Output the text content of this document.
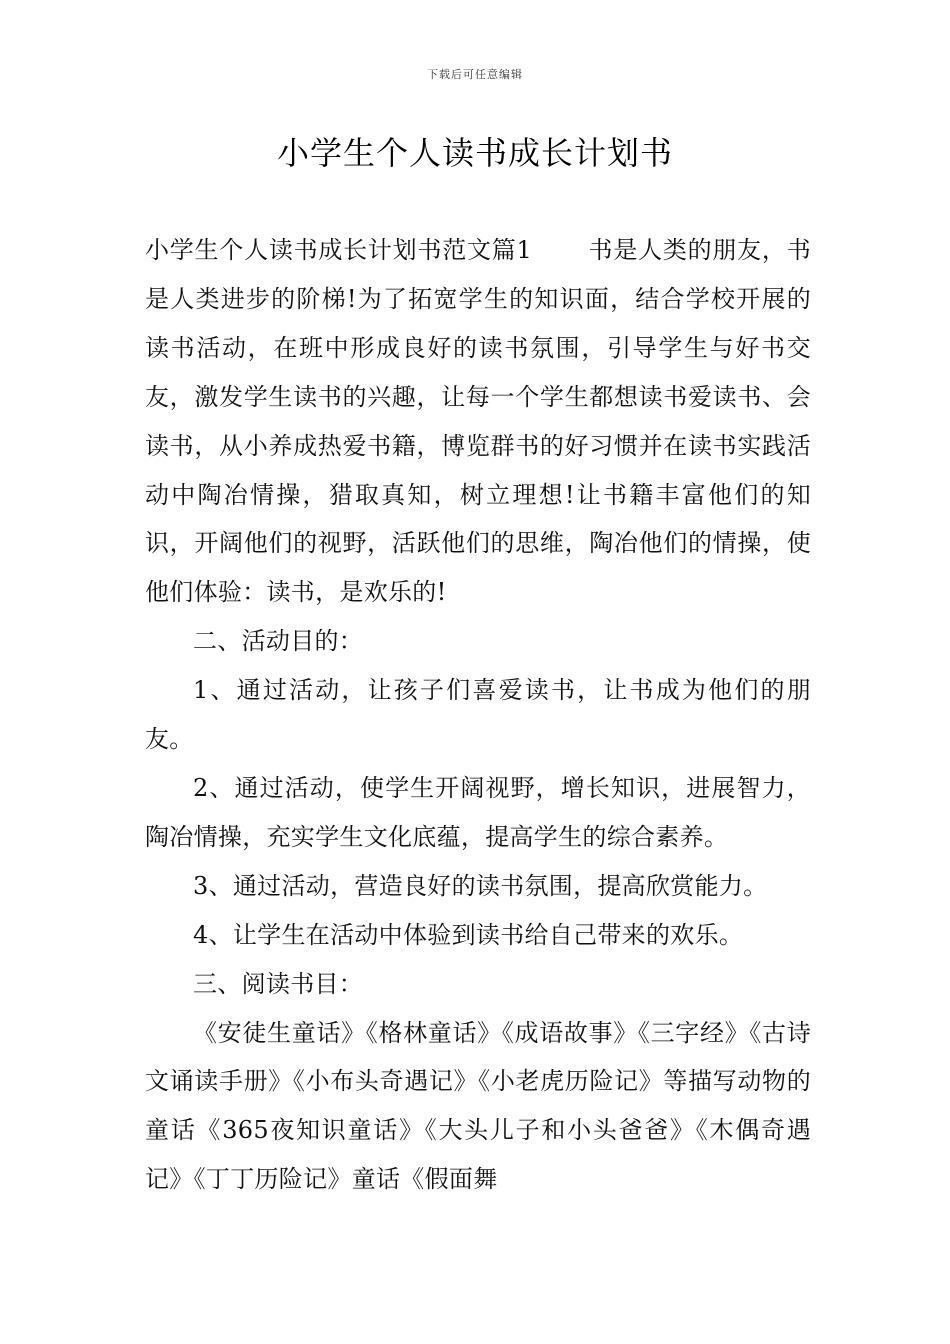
下载后可任意编辑
小学生个人读书成长计划书

小学生个人读书成长计划书范文篇1 书是人类的朋友，书是人类进步的阶梯!为了拓宽学生的知识面，结合学校开展的读书活动，在班中形成良好的读书氛围，引导学生与好书交友，激发学生读书的兴趣，让每一个学生都想读书爱读书、会读书，从小养成热爱书籍，博览群书的好习惯并在读书实践活动中陶冶情操，猎取真知，树立理想!让书籍丰富他们的知识，开阔他们的视野，活跃他们的思维，陶冶他们的情操，使他们体验：读书，是欢乐的!

二、活动目的：

1、通过活动，让孩子们喜爱读书，让书成为他们的朋友。

2、通过活动，使学生开阔视野，增长知识，进展智力，陶冶情操，充实学生文化底蕴，提高学生的综合素养。

3、通过活动，营造良好的读书氛围，提高欣赏能力。

4、让学生在活动中体验到读书给自己带来的欢乐。

三、阅读书目：

《安徒生童话》《格林童话》《成语故事》《三字经》《古诗文诵读手册》《小布头奇遇记》《小老虎历险记》等描写动物的童话《365夜知识童话》《大头儿子和小头爸爸》《木偶奇遇记》《丁丁历险记》童话《假面舞
